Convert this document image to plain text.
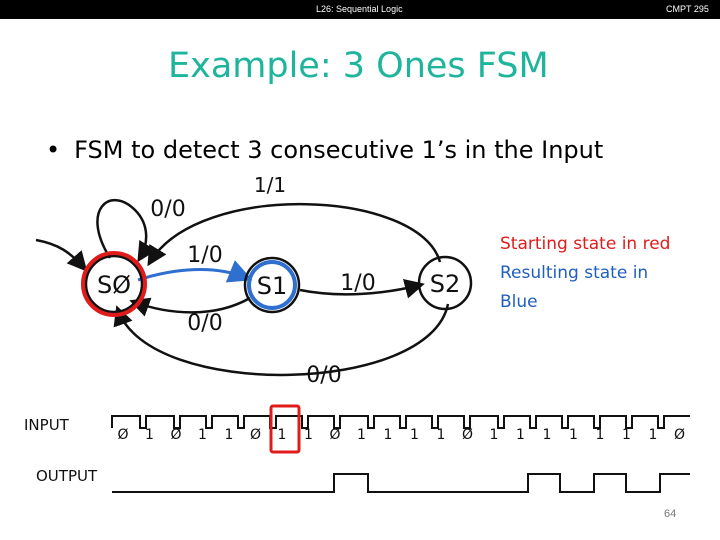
L26: Sequential Logic	CMPT 295
Example: 3 Ones FSM
• FSM to detect 3 consecutive 1’s in the Input
SØ	S1	S2
1/1
0/0
1/0
0/0
1/0
0/0
INPUT
OUTPUT
Ø 1 Ø 1 1 Ø 1 1 Ø 1 1 1 1 Ø 1 1 1 1 1 1 1 Ø
Starting state in red
Resulting state in
Blue
64
